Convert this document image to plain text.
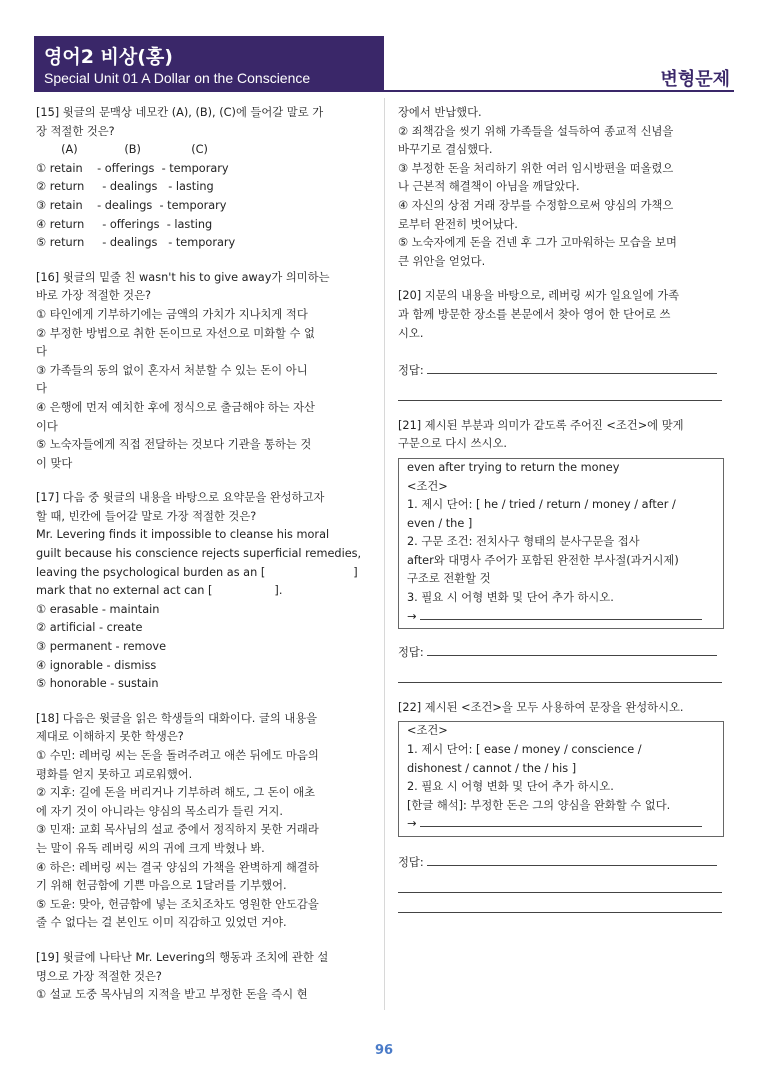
영어2 비상(홍)
Special Unit 01 A Dollar on the Conscience	변형문제

[15] 윗글의 문맥상 네모칸 (A), (B), (C)에 들어갈 말로 가

장 적절한 것은?

(A)             (B)              (C)

① retain    - offerings  - temporary

② return     - dealings   - lasting

③ retain    - dealings  - temporary

④ return     - offerings  - lasting

⑤ return     - dealings   - temporary

[16] 윗글의 밑줄 친 wasn't his to give away가 의미하는

바로 가장 적절한 것은?

① 타인에게 기부하기에는 금액의 가치가 지나치게 적다

② 부정한 방법으로 취한 돈이므로 자선으로 미화할 수 없

다

③ 가족들의 동의 없이 혼자서 처분할 수 있는 돈이 아니

다

④ 은행에 먼저 예치한 후에 정식으로 출금해야 하는 자산

이다

⑤ 노숙자들에게 직접 전달하는 것보다 기관을 통하는 것

이 맞다

[17] 다음 중 윗글의 내용을 바탕으로 요약문을 완성하고자

할 때, 빈칸에 들어갈 말로 가장 적절한 것은?

Mr. Levering finds it impossible to cleanse his moral

guilt because his conscience rejects superficial remedies,

leaving the psychological burden as an [	]

mark that no external act can [	].

① erasable - maintain

② artificial - create

③ permanent - remove

④ ignorable - dismiss

⑤ honorable - sustain

[18] 다음은 윗글을 읽은 학생들의 대화이다. 글의 내용을

제대로 이해하지 못한 학생은?

① 수민: 레버링 씨는 돈을 돌려주려고 애쓴 뒤에도 마음의

평화를 얻지 못하고 괴로워했어.

② 지후: 길에 돈을 버리거나 기부하려 해도, 그 돈이 애초

에 자기 것이 아니라는 양심의 목소리가 들린 거지.

③ 민재: 교회 목사님의 설교 중에서 정직하지 못한 거래라

는 말이 유독 레버링 씨의 귀에 크게 박혔나 봐.

④ 하은: 레버링 씨는 결국 양심의 가책을 완벽하게 해결하

기 위해 헌금함에 기쁜 마음으로 1달러를 기부했어.

⑤ 도윤: 맞아, 헌금함에 넣는 조치조차도 영원한 안도감을

줄 수 없다는 걸 본인도 이미 직감하고 있었던 거야.

[19] 윗글에 나타난 Mr. Levering의 행동과 조치에 관한 설

명으로 가장 적절한 것은?

① 설교 도중 목사님의 지적을 받고 부정한 돈을 즉시 현

장에서 반납했다.

② 죄책감을 씻기 위해 가족들을 설득하여 종교적 신념을

바꾸기로 결심했다.

③ 부정한 돈을 처리하기 위한 여러 임시방편을 떠올렸으

나 근본적 해결책이 아님을 깨달았다.

④ 자신의 상점 거래 장부를 수정함으로써 양심의 가책으

로부터 완전히 벗어났다.

⑤ 노숙자에게 돈을 건넨 후 그가 고마워하는 모습을 보며

큰 위안을 얻었다.

[20] 지문의 내용을 바탕으로, 레버링 씨가 일요일에 가족

과 함께 방문한 장소를 본문에서 찾아 영어 한 단어로 쓰

시오.

정답:

[21] 제시된 부분과 의미가 같도록 주어진 <조건>에 맞게

구문으로 다시 쓰시오.

even after trying to return the money

<조건>

1. 제시 단어: [ he / tried / return / money / after /

even / the ]

2. 구문 조건: 전치사구 형태의 분사구문을 접사

after와 대명사 주어가 포함된 완전한 부사절(과거시제)

구조로 전환할 것

3. 필요 시 어형 변화 및 단어 추가 하시오.

→

정답:

[22] 제시된 <조건>을 모두 사용하여 문장을 완성하시오.

<조건>

1. 제시 단어: [ ease / money / conscience /

dishonest / cannot / the / his ]

2. 필요 시 어형 변화 및 단어 추가 하시오.

[한글 해석]: 부정한 돈은 그의 양심을 완화할 수 없다.

→

정답:

96
